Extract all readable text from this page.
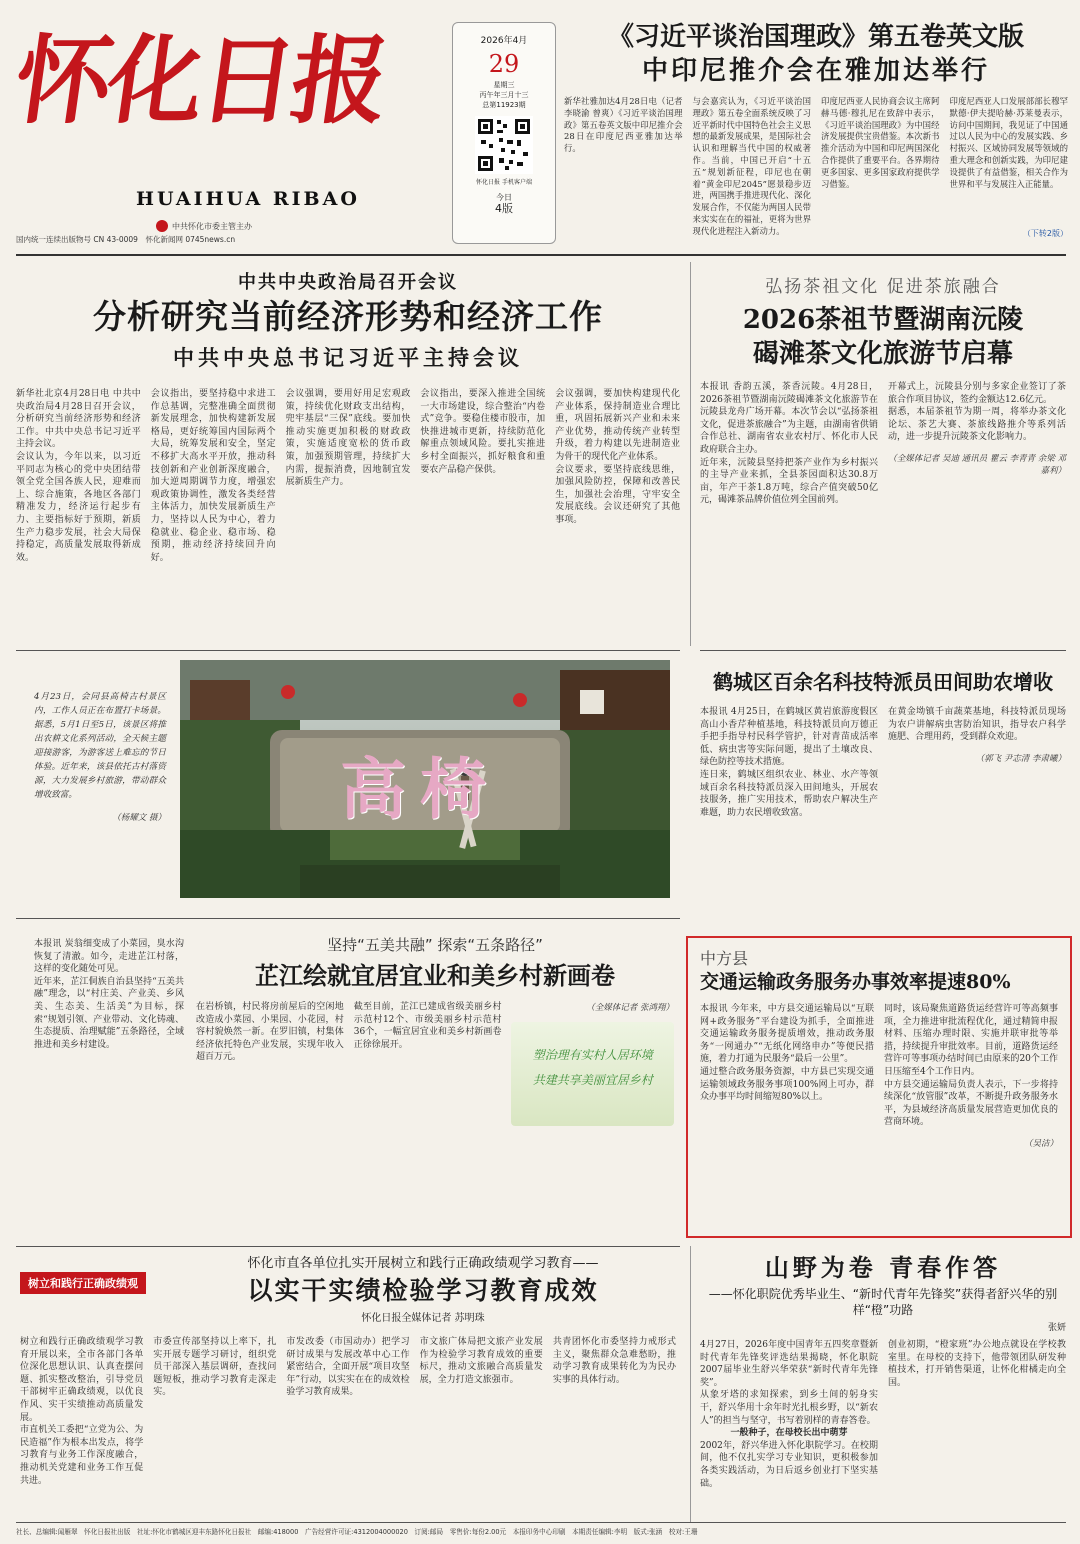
怀化日报
HUAIHUA RIBAO
中共怀化市委主管主办
国内统一连续出版物号 CN 43-0009　怀化新闻网 0745news.cn
2026年4月
29
星期三
丙午年三月十三
总第11923期
怀化日报 手机客户端
今日
4版
《习近平谈治国理政》第五卷英文版
中印尼推介会在雅加达举行

新华社雅加达4月28日电（记者 李晓渝 曾爽）《习近平谈治国理政》第五卷英文版中印尼推介会28日在印度尼西亚雅加达举行。

与会嘉宾认为，《习近平谈治国理政》第五卷全面系统反映了习近平新时代中国特色社会主义思想的最新发展成果，是国际社会认识和理解当代中国的权威著作。当前，中国已开启“十五五”规划新征程，印尼也在朝着“黄金印尼2045”愿景稳步迈进，两国携手推进现代化、深化发展合作，不仅能为两国人民带来实实在在的福祉，更将为世界现代化进程注入新动力。

印度尼西亚人民协商会议主席阿赫马德·穆扎尼在致辞中表示，《习近平谈治国理政》为中国经济发展提供宝贵借鉴。本次新书推介活动为中国和印尼两国深化合作提供了重要平台。各界期待更多国家、更多国家政府提供学习借鉴。

印度尼西亚人口发展部部长穆罕默德·伊夫提哈赫·苏莱曼表示，访问中国期间，我见证了中国通过以人民为中心的发展实践、乡村振兴、区域协同发展等领域的重大理念和创新实践，为印尼建设提供了有益借鉴，相关合作为世界和平与发展注入正能量。

（下转2版）
中共中央政治局召开会议
分析研究当前经济形势和经济工作
中共中央总书记习近平主持会议

新华社北京4月28日电 中共中央政治局4月28日召开会议，分析研究当前经济形势和经济工作。中共中央总书记习近平主持会议。

会议认为，今年以来，以习近平同志为核心的党中央团结带领全党全国各族人民，迎难而上、综合施策，各地区各部门精准发力，经济运行起步有力、主要指标好于预期，新质生产力稳步发展，社会大局保持稳定，高质量发展取得新成效。

会议指出，要坚持稳中求进工作总基调，完整准确全面贯彻新发展理念，加快构建新发展格局，更好统筹国内国际两个大局，统筹发展和安全，坚定不移扩大高水平开放，推动科技创新和产业创新深度融合，加大逆周期调节力度，增强宏观政策协调性，激发各类经营主体活力，加快发展新质生产力，坚持以人民为中心，着力稳就业、稳企业、稳市场、稳预期，推动经济持续回升向好。

会议强调，要用好用足宏观政策，持续优化财政支出结构，兜牢基层“三保”底线。要加快推动实施更加积极的财政政策，实施适度宽松的货币政策，加强预期管理，持续扩大内需，提振消费，因地制宜发展新质生产力。

会议指出，要深入推进全国统一大市场建设，综合整治“内卷式”竞争。要稳住楼市股市，加快推进城市更新，持续防范化解重点领域风险。要扎实推进乡村全面振兴，抓好粮食和重要农产品稳产保供。

会议强调，要加快构建现代化产业体系，保持制造业合理比重，巩固拓展新兴产业和未来产业优势，推动传统产业转型升级，着力构建以先进制造业为骨干的现代化产业体系。

会议要求，要坚持底线思维，加强风险防控，保障和改善民生，加强社会治理，守牢安全发展底线。会议还研究了其他事项。

弘扬茶祖文化 促进茶旅融合
2026茶祖节暨湖南沅陵
碣滩茶文化旅游节启幕

本报讯 香韵五溪，茶香沅陵。4月28日，2026茶祖节暨湖南沅陵碣滩茶文化旅游节在沅陵县龙舟广场开幕。本次节会以“弘扬茶祖文化，促进茶旅融合”为主题，由湖南省供销合作总社、湖南省农业农村厅、怀化市人民政府联合主办。

近年来，沅陵县坚持把茶产业作为乡村振兴的主导产业来抓，全县茶园面积达30.8万亩，年产干茶1.8万吨，综合产值突破50亿元，碣滩茶品牌价值位列全国前列。

开幕式上，沅陵县分别与多家企业签订了茶旅合作项目协议，签约金额达12.6亿元。

据悉，本届茶祖节为期一周，将举办茶文化论坛、茶艺大赛、茶旅线路推介等系列活动，进一步提升沅陵茶文化影响力。

（全媒体记者 吴迪 通讯员 瞿云 李青青 余梁 邓嘉利）

4月23日，会同县高椅古村景区内，工作人员正在布置打卡场景。据悉，5月1日至5日，该景区将推出农耕文化系列活动，全天候主题迎接游客，为游客送上难忘的节日体验。近年来，该县依托古村落资源，大力发展乡村旅游，带动群众增收致富。

（杨耀文 摄）	高椅
鹤城区百余名科技特派员田间助农增收

本报讯 4月25日，在鹤城区黄岩旅游度假区高山小香芹种植基地，科技特派员向万德正手把手指导村民科学管护，针对青苗成活率低、病虫害等实际问题，提出了土壤改良、绿色防控等技术措施。

连日来，鹤城区组织农业、林业、水产等领域百余名科技特派员深入田间地头，开展农技服务，推广实用技术，帮助农户解决生产难题，助力农民增收致富。

在黄金坳镇千亩蔬菜基地，科技特派员现场为农户讲解病虫害防治知识，指导农户科学施肥、合理用药，受到群众欢迎。

（郭飞 尹志清 李肃曦）

本报讯 炭翁细变成了小菜园，臭水沟恢复了清澈。如今，走进芷江村落，这样的变化随处可见。

近年来，芷江侗族自治县坚持“五美共融”理念，以“村庄美、产业美、乡风美、生态美、生活美”为目标，探索“规划引领、产业带动、文化铸魂、生态提质、治理赋能”五条路径，全域推进和美乡村建设。

坚持“五美共融” 探索“五条路径”
芷江绘就宜居宜业和美乡村新画卷

在岩桥镇，村民将房前屋后的空闲地改造成小菜园、小果园、小花园，村容村貌焕然一新。在罗旧镇，村集体经济依托特色产业发展，实现年收入超百万元。

截至目前，芷江已建成省级美丽乡村示范村12个、市级美丽乡村示范村36个，一幅宜居宜业和美乡村新画卷正徐徐展开。

（全媒体记者 张鸿翔）

塑治理有实村人居环境
共建共享美丽宜居乡村
中方县
交通运输政务服务办事效率提速80%

本报讯 今年来，中方县交通运输局以“互联网+政务服务”平台建设为抓手，全面推进交通运输政务服务提质增效，推动政务服务“一网通办”“无纸化网络申办”等便民措施，着力打通为民服务“最后一公里”。

通过整合政务服务资源，中方县已实现交通运输领域政务服务事项100%网上可办，群众办事平均时间缩短80%以上。

同时，该局聚焦道路货运经营许可等高频事项，全力推进审批流程优化，通过精简申报材料、压缩办理时限、实施并联审批等举措，持续提升审批效率。目前，道路货运经营许可等事项办结时间已由原来的20个工作日压缩至4个工作日内。

中方县交通运输局负责人表示，下一步将持续深化“放管服”改革，不断提升政务服务水平，为县域经济高质量发展营造更加优良的营商环境。

（吴洁）

树立和践行正确政绩观
怀化市直各单位扎实开展树立和践行正确政绩观学习教育——
以实干实绩检验学习教育成效
怀化日报全媒体记者 苏明珠

树立和践行正确政绩观学习教育开展以来，全市各部门各单位深化思想认识、认真查摆问题、抓实整改整治，引导党员干部树牢正确政绩观，以优良作风、实干实绩推动高质量发展。

市直机关工委把“立党为公、为民造福”作为根本出发点，将学习教育与业务工作深度融合，推动机关党建和业务工作互促共进。

市委宣传部坚持以上率下，扎实开展专题学习研讨，组织党员干部深入基层调研，查找问题短板，推动学习教育走深走实。

市发改委（市国动办）把学习研讨成果与发展改革中心工作紧密结合，全面开展“项目攻坚年”行动，以实实在在的成效检验学习教育成果。

市文旅广体局把文旅产业发展作为检验学习教育成效的重要标尺，推动文旅融合高质量发展，全力打造文旅强市。

共青团怀化市委坚持力戒形式主义，聚焦群众急难愁盼，推动学习教育成果转化为为民办实事的具体行动。

山野为卷 青春作答
——怀化职院优秀毕业生、“新时代青年先锋奖”获得者舒兴华的别样“橙”功路
张妍

4月27日，2026年度中国青年五四奖章暨新时代青年先锋奖评选结果揭晓，怀化职院2007届毕业生舒兴华荣获“新时代青年先锋奖”。

从象牙塔的求知探索，到乡土间的躬身实干，舒兴华用十余年时光扎根乡野，以“新农人”的担当与坚守，书写着别样的青春答卷。

一般种子，在母校长出中萌芽

2002年，舒兴华进入怀化职院学习。在校期间，他不仅扎实学习专业知识，更积极参加各类实践活动，为日后返乡创业打下坚实基础。

创业初期，“橙家班”办公地点就设在学校教室里。在母校的支持下，他带领团队研发种植技术，打开销售渠道，让怀化柑橘走向全国。

社长、总编辑:闻雁翠　怀化日报社出版　社址:怀化市鹤城区迎丰东路怀化日报社　邮编:418000　广告经营许可证:4312004000020　订阅:邮局　零售价:每份2.00元　本报印务中心印刷　本期责任编辑:李明　版式:张涵　校对:王珊
